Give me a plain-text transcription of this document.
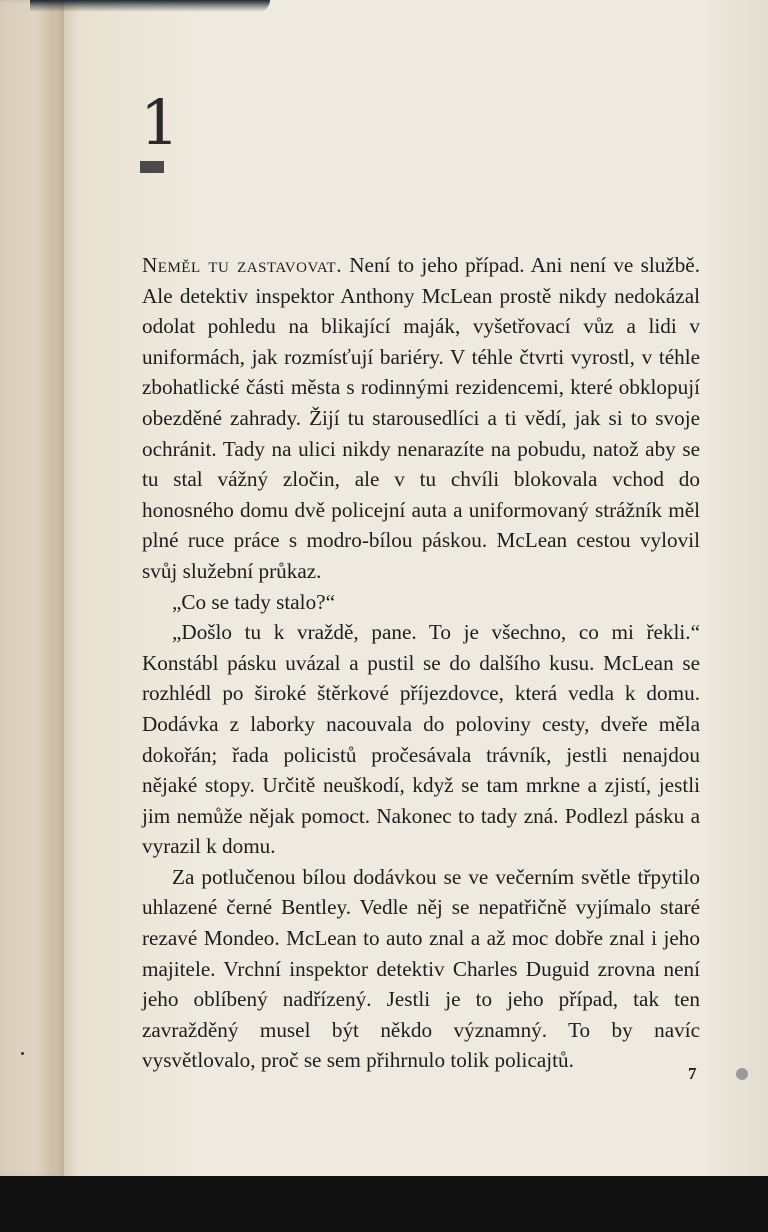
1

Neměl tu zastavovat. Není to jeho případ. Ani není ve službě. Ale detektiv inspektor Anthony McLean prostě nikdy nedokázal odolat pohledu na blikající maják, vyšetřovací vůz a lidi v uniformách, jak rozmísťují bariéry. V téhle čtvrti vyrostl, v téhle zbohatlické části města s rodinnými rezidencemi, které obklopují obezděné zahrady. Žijí tu starousedlíci a ti vědí, jak si to svoje ochránit. Tady na ulici nikdy nenarazíte na pobudu, natož aby se tu stal vážný zločin, ale v tu chvíli blokovala vchod do honosného domu dvě policejní auta a uniformovaný strážník měl plné ruce práce s modro-bílou páskou. McLean cestou vylovil svůj služební průkaz.

„Co se tady stalo?“

„Došlo tu k vraždě, pane. To je všechno, co mi řekli.“ Konstábl pásku uvázal a pustil se do dalšího kusu. McLean se rozhlédl po široké štěrkové příjezdovce, která vedla k domu. Dodávka z laborky nacouvala do poloviny cesty, dveře měla dokořán; řada policistů pročesávala trávník, jestli nenajdou nějaké stopy. Určitě neuškodí, když se tam mrkne a zjistí, jestli jim nemůže nějak pomoct. Nakonec to tady zná. Podlezl pásku a vyrazil k domu.

Za potlučenou bílou dodávkou se ve večerním světle třpytilo uhlazené černé Bentley. Vedle něj se nepatřičně vyjímalo staré rezavé Mondeo. McLean to auto znal a až moc dobře znal i jeho majitele. Vrchní inspektor detektiv Charles Duguid zrovna není jeho oblíbený nadřízený. Jestli je to jeho případ, tak ten zavražděný musel být někdo významný. To by navíc vysvětlovalo, proč se sem přihrnulo tolik policajtů.

7
